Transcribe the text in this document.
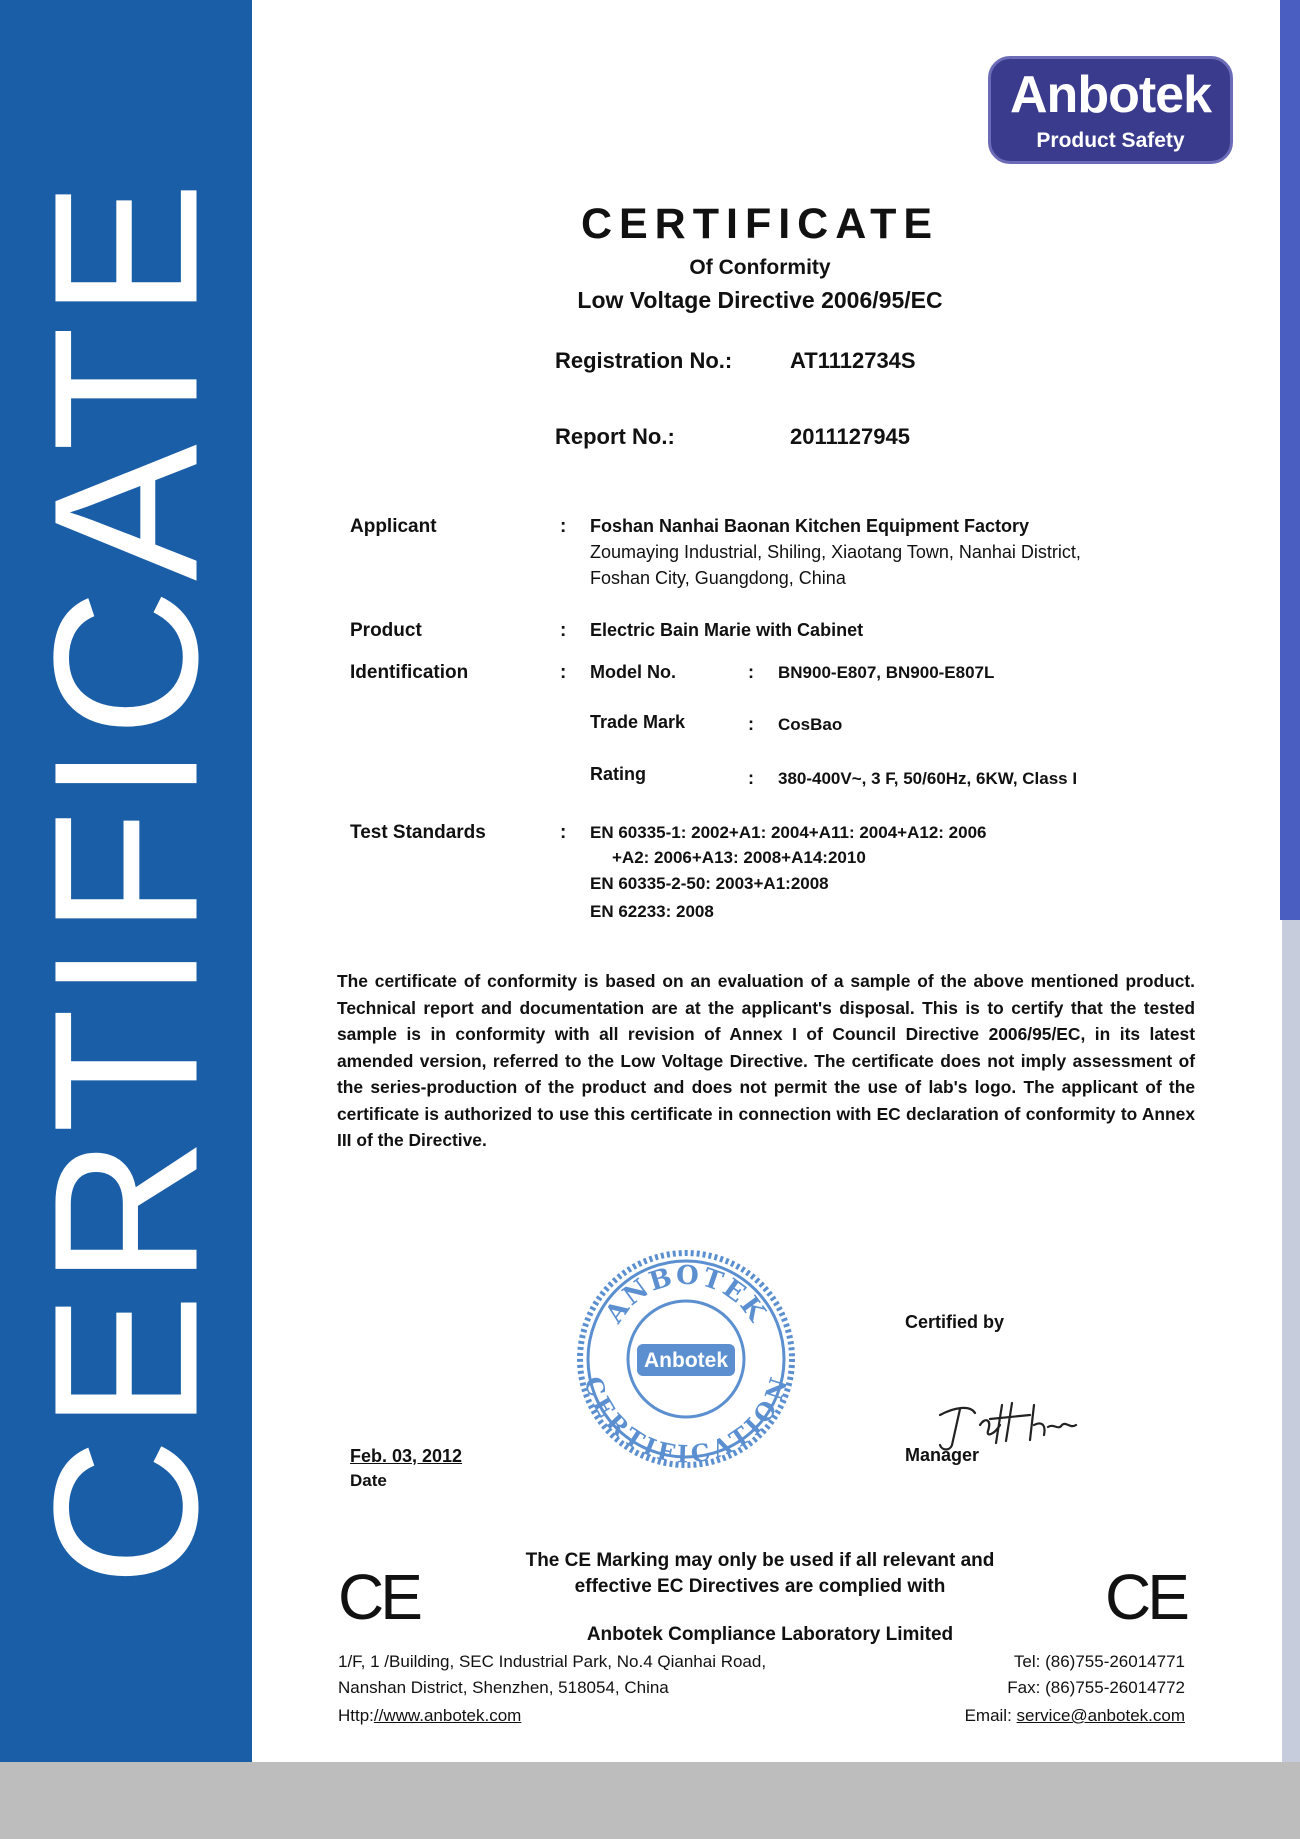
CERTIFICATE
Anbotek
Product Safety
CERTIFICATE
Of Conformity
Low Voltage Directive 2006/95/EC
Registration No.:	AT1112734S
Report No.:	2011127945
Applicant	: Foshan Nanhai Baonan Kitchen Equipment Factory
Zoumaying Industrial, Shiling, Xiaotang Town, Nanhai District,
Foshan City, Guangdong, China
Product	: Electric Bain Marie with Cabinet
Identification	: Model No.	: BN900-E807, BN900-E807L
Trade Mark	: CosBao
Rating	: 380-400V~, 3 F, 50/60Hz, 6KW, Class I
Test Standards	: EN 60335-1: 2002+A1: 2004+A11: 2004+A12: 2006
+A2: 2006+A13: 2008+A14:2010
EN 60335-2-50: 2003+A1:2008
EN 62233: 2008
The certificate of conformity is based on an evaluation of a sample of the above mentioned product. Technical report and documentation are at the applicant's disposal. This is to certify that the tested sample is in conformity with all revision of Annex I of Council Directive 2006/95/EC, in its latest amended version, referred to the Low Voltage Directive. The certificate does not imply assessment of the series-production of the product and does not permit the use of lab's logo. The applicant of the certificate is authorized to use this certificate in connection with EC declaration of conformity to Annex III of the Directive.
ANBOTEK
CERTIFICATION
Anbotek
Certified by
Manager
Feb. 03, 2012
Date
CE	CE
The CE Marking may only be used if all relevant and
effective EC Directives are complied with
Anbotek Compliance Laboratory Limited
1/F, 1 /Building, SEC Industrial Park, No.4 Qianhai Road,
Nanshan District, Shenzhen, 518054, China
Http://www.anbotek.com
Tel: (86)755-26014771
Fax: (86)755-26014772
Email: service@anbotek.com
